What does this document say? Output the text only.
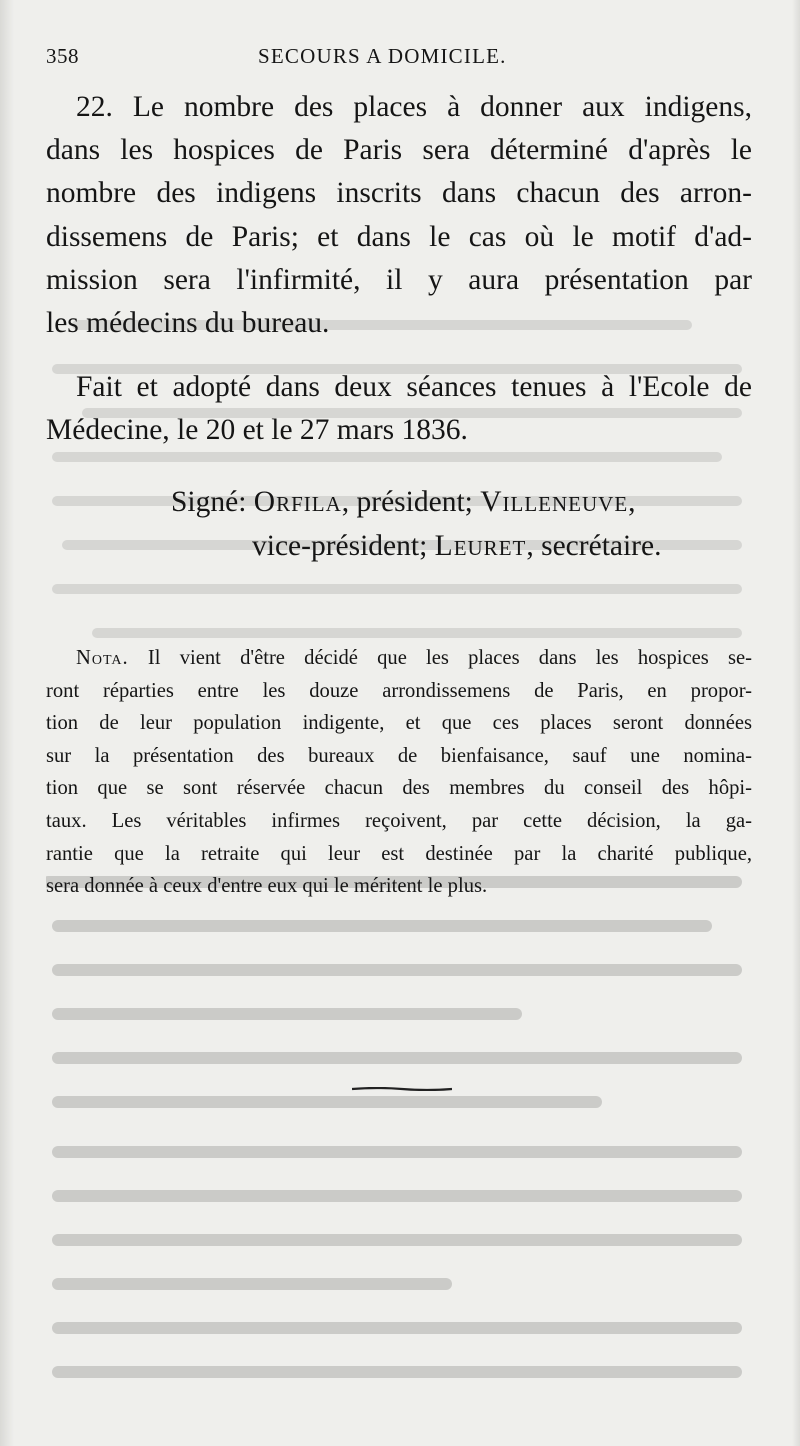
358	SECOURS A DOMICILE.
22. Le nombre des places à donner aux indigens,
dans les hospices de Paris sera déterminé d'après le
nombre des indigens inscrits dans chacun des arron-
dissemens de Paris; et dans le cas où le motif d'ad-
mission sera l'infirmité, il y aura présentation par
les médecins du bureau.
Fait et adopté dans deux séances tenues à l'Ecole de
Médecine, le 20 et le 27 mars 1836.
Signé: Orfila, président; Villeneuve,
vice-président; Leuret, secrétaire.
Nota. Il vient d'être décidé que les places dans les hospices se-
ront réparties entre les douze arrondissemens de Paris, en propor-
tion de leur population indigente, et que ces places seront données
sur la présentation des bureaux de bienfaisance, sauf une nomina-
tion que se sont réservée chacun des membres du conseil des hôpi-
taux. Les véritables infirmes reçoivent, par cette décision, la ga-
rantie que la retraite qui leur est destinée par la charité publique,
sera donnée à ceux d'entre eux qui le méritent le plus.
